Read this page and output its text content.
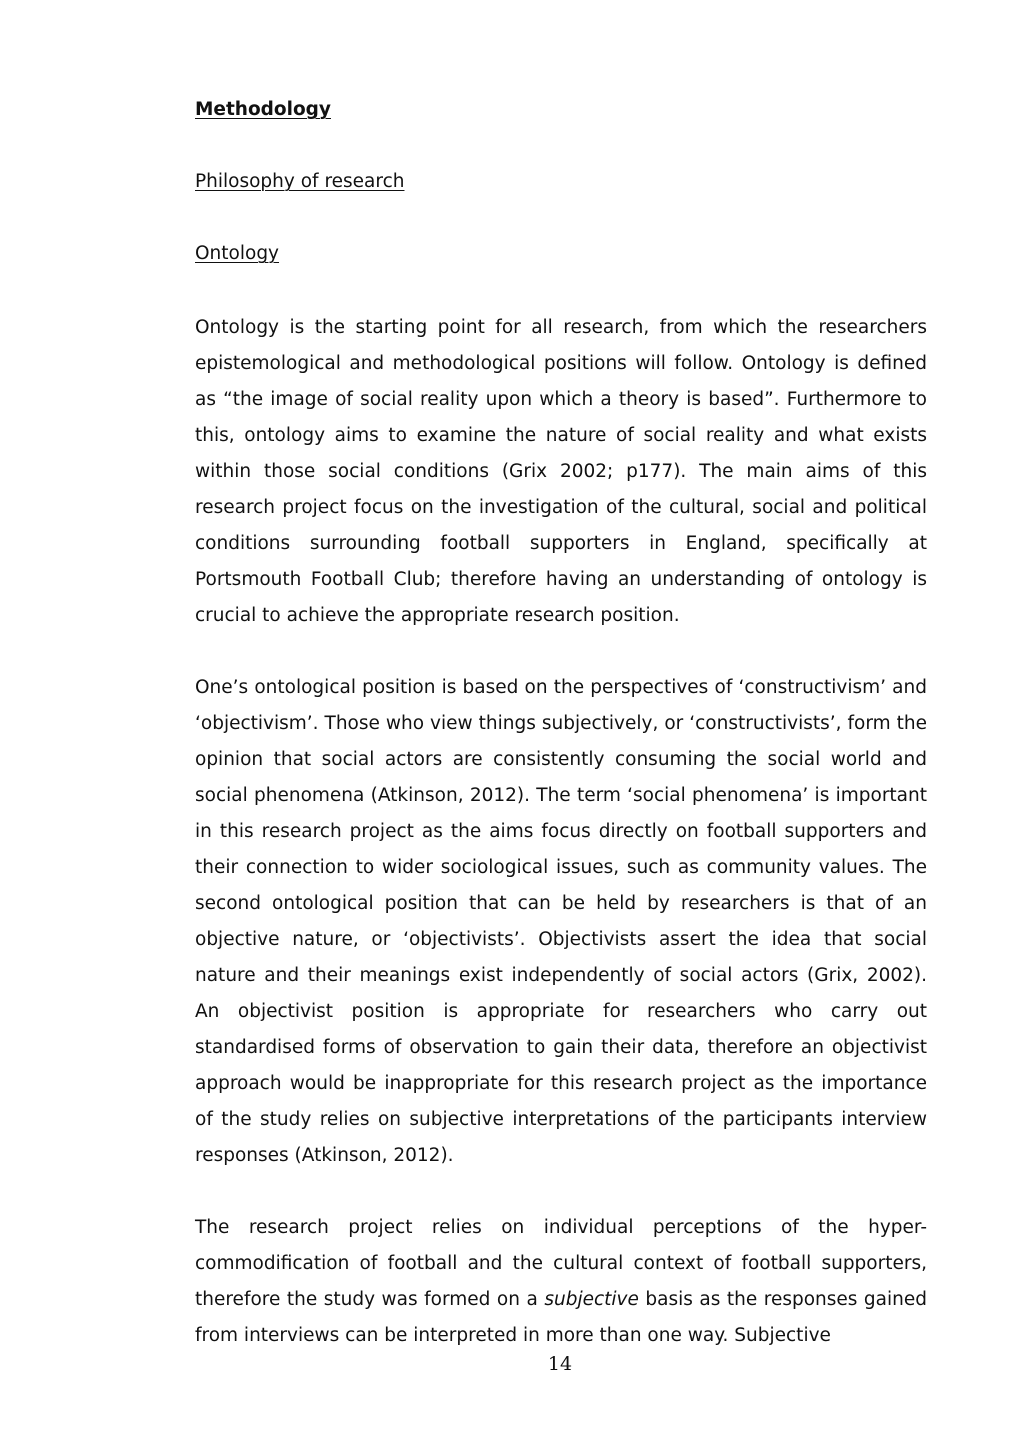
Methodology
Philosophy of research
Ontology

Ontology is the starting point for all research, from which the researchers epistemological and methodological positions will follow. Ontology is defined as “the image of social reality upon which a theory is based”. Furthermore to this, ontology aims to examine the nature of social reality and what exists within those social conditions (Grix 2002; p177). The main aims of this research project focus on the investigation of the cultural, social and political conditions surrounding football supporters in England, specifically at Portsmouth Football Club; therefore having an understanding of ontology is crucial to achieve the appropriate research position.

One’s ontological position is based on the perspectives of ‘constructivism’ and ‘objectivism’. Those who view things subjectively, or ‘constructivists’, form the opinion that social actors are consistently consuming the social world and social phenomena (Atkinson, 2012). The term ‘social phenomena’ is important in this research project as the aims focus directly on football supporters and their connection to wider sociological issues, such as community values. The second ontological position that can be held by researchers is that of an objective nature, or ‘objectivists’. Objectivists assert the idea that social nature and their meanings exist independently of social actors (Grix, 2002). An objectivist position is appropriate for researchers who carry out standardised forms of observation to gain their data, therefore an objectivist approach would be inappropriate for this research project as the importance of the study relies on subjective interpretations of the participants interview responses (Atkinson, 2012).

The research project relies on individual perceptions of the hyper-commodification of football and the cultural context of football supporters, therefore the study was formed on a subjective basis as the responses gained from interviews can be interpreted in more than one way. Subjective

14
